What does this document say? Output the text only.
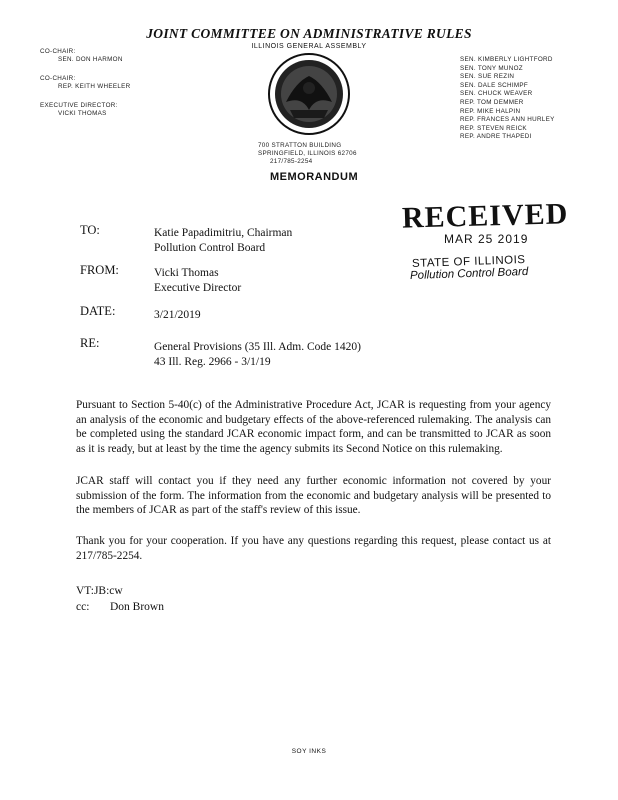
JOINT COMMITTEE ON ADMINISTRATIVE RULES
ILLINOIS GENERAL ASSEMBLY
CO-CHAIR:
SEN. DON HARMON
CO-CHAIR:
REP. KEITH WHEELER
EXECUTIVE DIRECTOR:
VICKI THOMAS
SEN. KIMBERLY LIGHTFORD
SEN. TONY MUNOZ
SEN. SUE REZIN
SEN. DALE SCHIMPF
SEN. CHUCK WEAVER
REP. TOM DEMMER
REP. MIKE HALPIN
REP. FRANCES ANN HURLEY
REP. STEVEN REICK
REP. ANDRE THAPEDI
700 STRATTON BUILDING
SPRINGFIELD, ILLINOIS 62706
217/785-2254
MEMORANDUM
RECEIVED
MAR 25 2019
STATE OF ILLINOIS
Pollution Control Board
TO:	Katie Papadimitriu, Chairman
Pollution Control Board
FROM:	Vicki Thomas
Executive Director
DATE:	3/21/2019
RE:	General Provisions (35 Ill. Adm. Code 1420)
43 Ill. Reg. 2966 - 3/1/19
Pursuant to Section 5-40(c) of the Administrative Procedure Act, JCAR is requesting from your agency an analysis of the economic and budgetary effects of the above-referenced rulemaking. The analysis can be completed using the standard JCAR economic impact form, and can be transmitted to JCAR as soon as it is ready, but at least by the time the agency submits its Second Notice on this rulemaking.
JCAR staff will contact you if they need any further economic information not covered by your submission of the form. The information from the economic and budgetary analysis will be presented to the members of JCAR as part of the staff's review of this issue.
Thank you for your cooperation. If you have any questions regarding this request, please contact us at 217/785-2254.
VT:JB:cw
cc: Don Brown
SOY INKS
